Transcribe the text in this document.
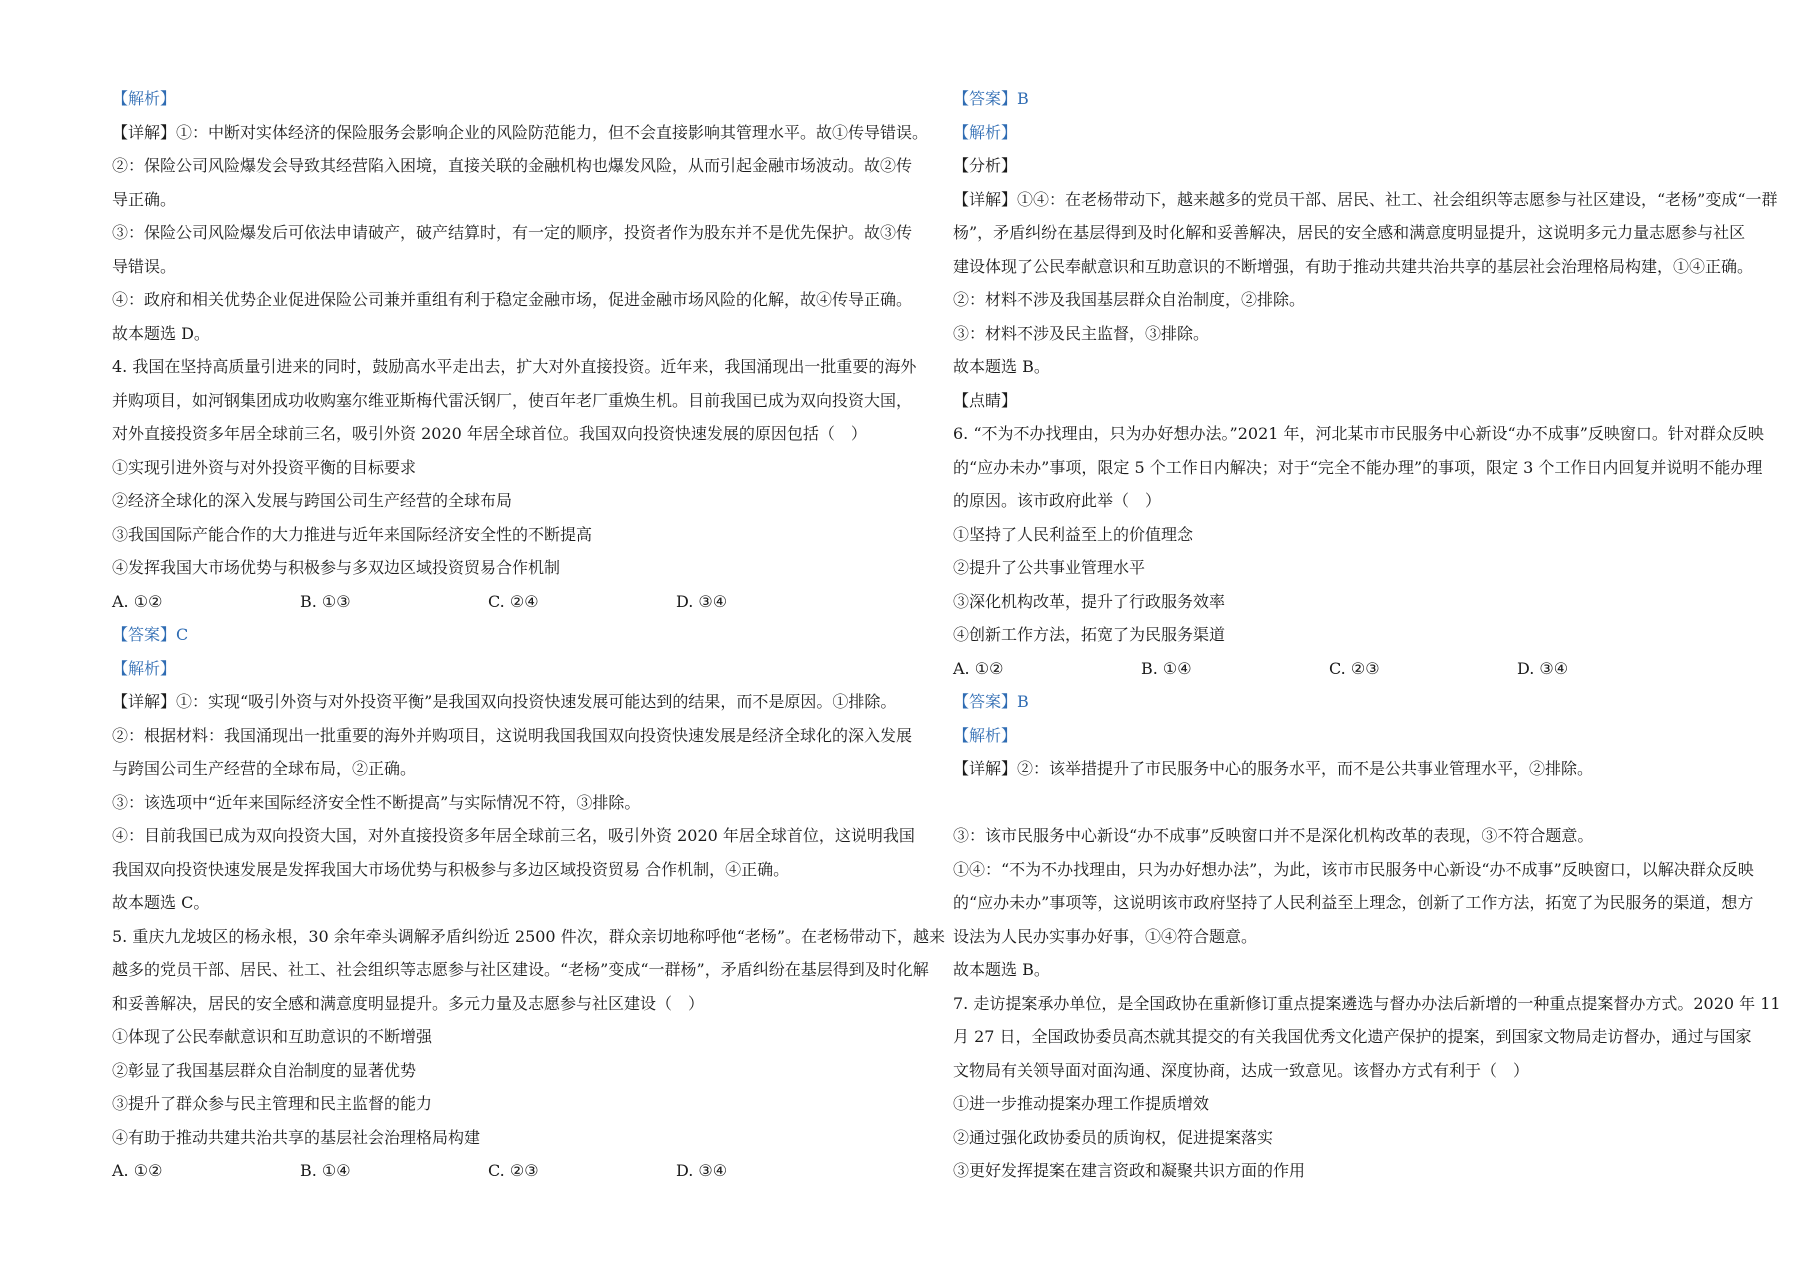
【解析】
【详解】①：中断对实体经济的保险服务会影响企业的风险防范能力，但不会直接影响其管理水平。故①传导错误。
②：保险公司风险爆发会导致其经营陷入困境，直接关联的金融机构也爆发风险，从而引起金融市场波动。故②传
导正确。
③：保险公司风险爆发后可依法申请破产，破产结算时，有一定的顺序，投资者作为股东并不是优先保护。故③传
导错误。
④：政府和相关优势企业促进保险公司兼并重组有利于稳定金融市场，促进金融市场风险的化解，故④传导正确。
故本题选 D。
4. 我国在坚持高质量引进来的同时，鼓励高水平走出去，扩大对外直接投资。近年来，我国涌现出一批重要的海外
并购项目，如河钢集团成功收购塞尔维亚斯梅代雷沃钢厂，使百年老厂重焕生机。目前我国已成为双向投资大国，
对外直接投资多年居全球前三名，吸引外资 2020 年居全球首位。我国双向投资快速发展的原因包括（　）
①实现引进外资与对外投资平衡的目标要求
②经济全球化的深入发展与跨国公司生产经营的全球布局
③我国国际产能合作的大力推进与近年来国际经济安全性的不断提高
④发挥我国大市场优势与积极参与多双边区域投资贸易合作机制
A. ①②	B. ①③	C. ②④	D. ③④
【答案】C
【解析】
【详解】①：实现“吸引外资与对外投资平衡”是我国双向投资快速发展可能达到的结果，而不是原因。①排除。
②：根据材料：我国涌现出一批重要的海外并购项目，这说明我国我国双向投资快速发展是经济全球化的深入发展
与跨国公司生产经营的全球布局，②正确。
③：该选项中“近年来国际经济安全性不断提高”与实际情况不符，③排除。
④：目前我国已成为双向投资大国，对外直接投资多年居全球前三名，吸引外资 2020 年居全球首位，这说明我国
我国双向投资快速发展是发挥我国大市场优势与积极参与多边区域投资贸易 合作机制，④正确。
故本题选 C。
5. 重庆九龙坡区的杨永根，30 余年牵头调解矛盾纠纷近 2500 件次，群众亲切地称呼他“老杨”。在老杨带动下，越来
越多的党员干部、居民、社工、社会组织等志愿参与社区建设。“老杨”变成“一群杨”，矛盾纠纷在基层得到及时化解
和妥善解决，居民的安全感和满意度明显提升。多元力量及志愿参与社区建设（　）
①体现了公民奉献意识和互助意识的不断增强
②彰显了我国基层群众自治制度的显著优势
③提升了群众参与民主管理和民主监督的能力
④有助于推动共建共治共享的基层社会治理格局构建
A. ①②	B. ①④	C. ②③	D. ③④
【答案】B
【解析】
【分析】
【详解】①④：在老杨带动下，越来越多的党员干部、居民、社工、社会组织等志愿参与社区建设，“老杨”变成“一群
杨”，矛盾纠纷在基层得到及时化解和妥善解决，居民的安全感和满意度明显提升，这说明多元力量志愿参与社区
建设体现了公民奉献意识和互助意识的不断增强，有助于推动共建共治共享的基层社会治理格局构建，①④正确。
②：材料不涉及我国基层群众自治制度，②排除。
③：材料不涉及民主监督，③排除。
故本题选 B。
【点睛】
6. “不为不办找理由，只为办好想办法。”2021 年，河北某市市民服务中心新设“办不成事”反映窗口。针对群众反映
的“应办未办”事项，限定 5 个工作日内解决；对于“完全不能办理”的事项，限定 3 个工作日内回复并说明不能办理
的原因。该市政府此举（　）
①坚持了人民利益至上的价值理念
②提升了公共事业管理水平
③深化机构改革，提升了行政服务效率
④创新工作方法，拓宽了为民服务渠道
A. ①②	B. ①④	C. ②③	D. ③④
【答案】B
【解析】
【详解】②：该举措提升了市民服务中心的服务水平，而不是公共事业管理水平，②排除。
③：该市民服务中心新设“办不成事”反映窗口并不是深化机构改革的表现，③不符合题意。
①④：“不为不办找理由，只为办好想办法”，为此，该市市民服务中心新设“办不成事”反映窗口，以解决群众反映
的“应办未办”事项等，这说明该市政府坚持了人民利益至上理念，创新了工作方法，拓宽了为民服务的渠道，想方
设法为人民办实事办好事，①④符合题意。
故本题选 B。
7. 走访提案承办单位，是全国政协在重新修订重点提案遴选与督办办法后新增的一种重点提案督办方式。2020 年 11
月 27 日，全国政协委员高杰就其提交的有关我国优秀文化遗产保护的提案，到国家文物局走访督办，通过与国家
文物局有关领导面对面沟通、深度协商，达成一致意见。该督办方式有利于（　）
①进一步推动提案办理工作提质增效
②通过强化政协委员的质询权，促进提案落实
③更好发挥提案在建言资政和凝聚共识方面的作用
